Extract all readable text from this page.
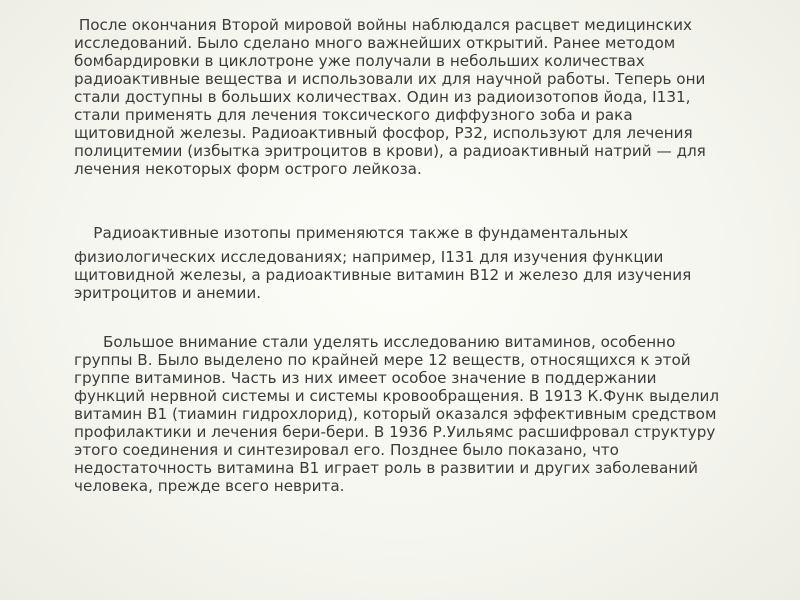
После окончания Второй мировой войны наблюдался расцвет медицинских
исследований. Было сделано много важнейших открытий. Ранее методом
бомбардировки в циклотроне уже получали в небольших количествах
радиоактивные вещества и использовали их для научной работы. Теперь они
стали доступны в больших количествах. Один из радиоизотопов йода, I131,
стали применять для лечения токсического диффузного зоба и рака
щитовидной железы. Радиоактивный фосфор, Р32, используют для лечения
полицитемии (избытка эритроцитов в крови), а радиоактивный натрий — для
лечения некоторых форм острого лейкоза.
Радиоактивные изотопы применяются также в фундаментальных
физиологических исследованиях; например, I131 для изучения функции
щитовидной железы, а радиоактивные витамин В12 и железо для изучения
эритроцитов и анемии.
Большое внимание стали уделять исследованию витаминов, особенно
группы В. Было выделено по крайней мере 12 веществ, относящихся к этой
группе витаминов. Часть из них имеет особое значение в поддержании
функций нервной системы и системы кровообращения. В 1913 К.Функ выделил
витамин В1 (тиамин гидрохлорид), который оказался эффективным средством
профилактики и лечения бери-бери. В 1936 Р.Уильямс расшифровал структуру
этого соединения и синтезировал его. Позднее было показано, что
недостаточность витамина В1 играет роль в развитии и других заболеваний
человека, прежде всего неврита.
